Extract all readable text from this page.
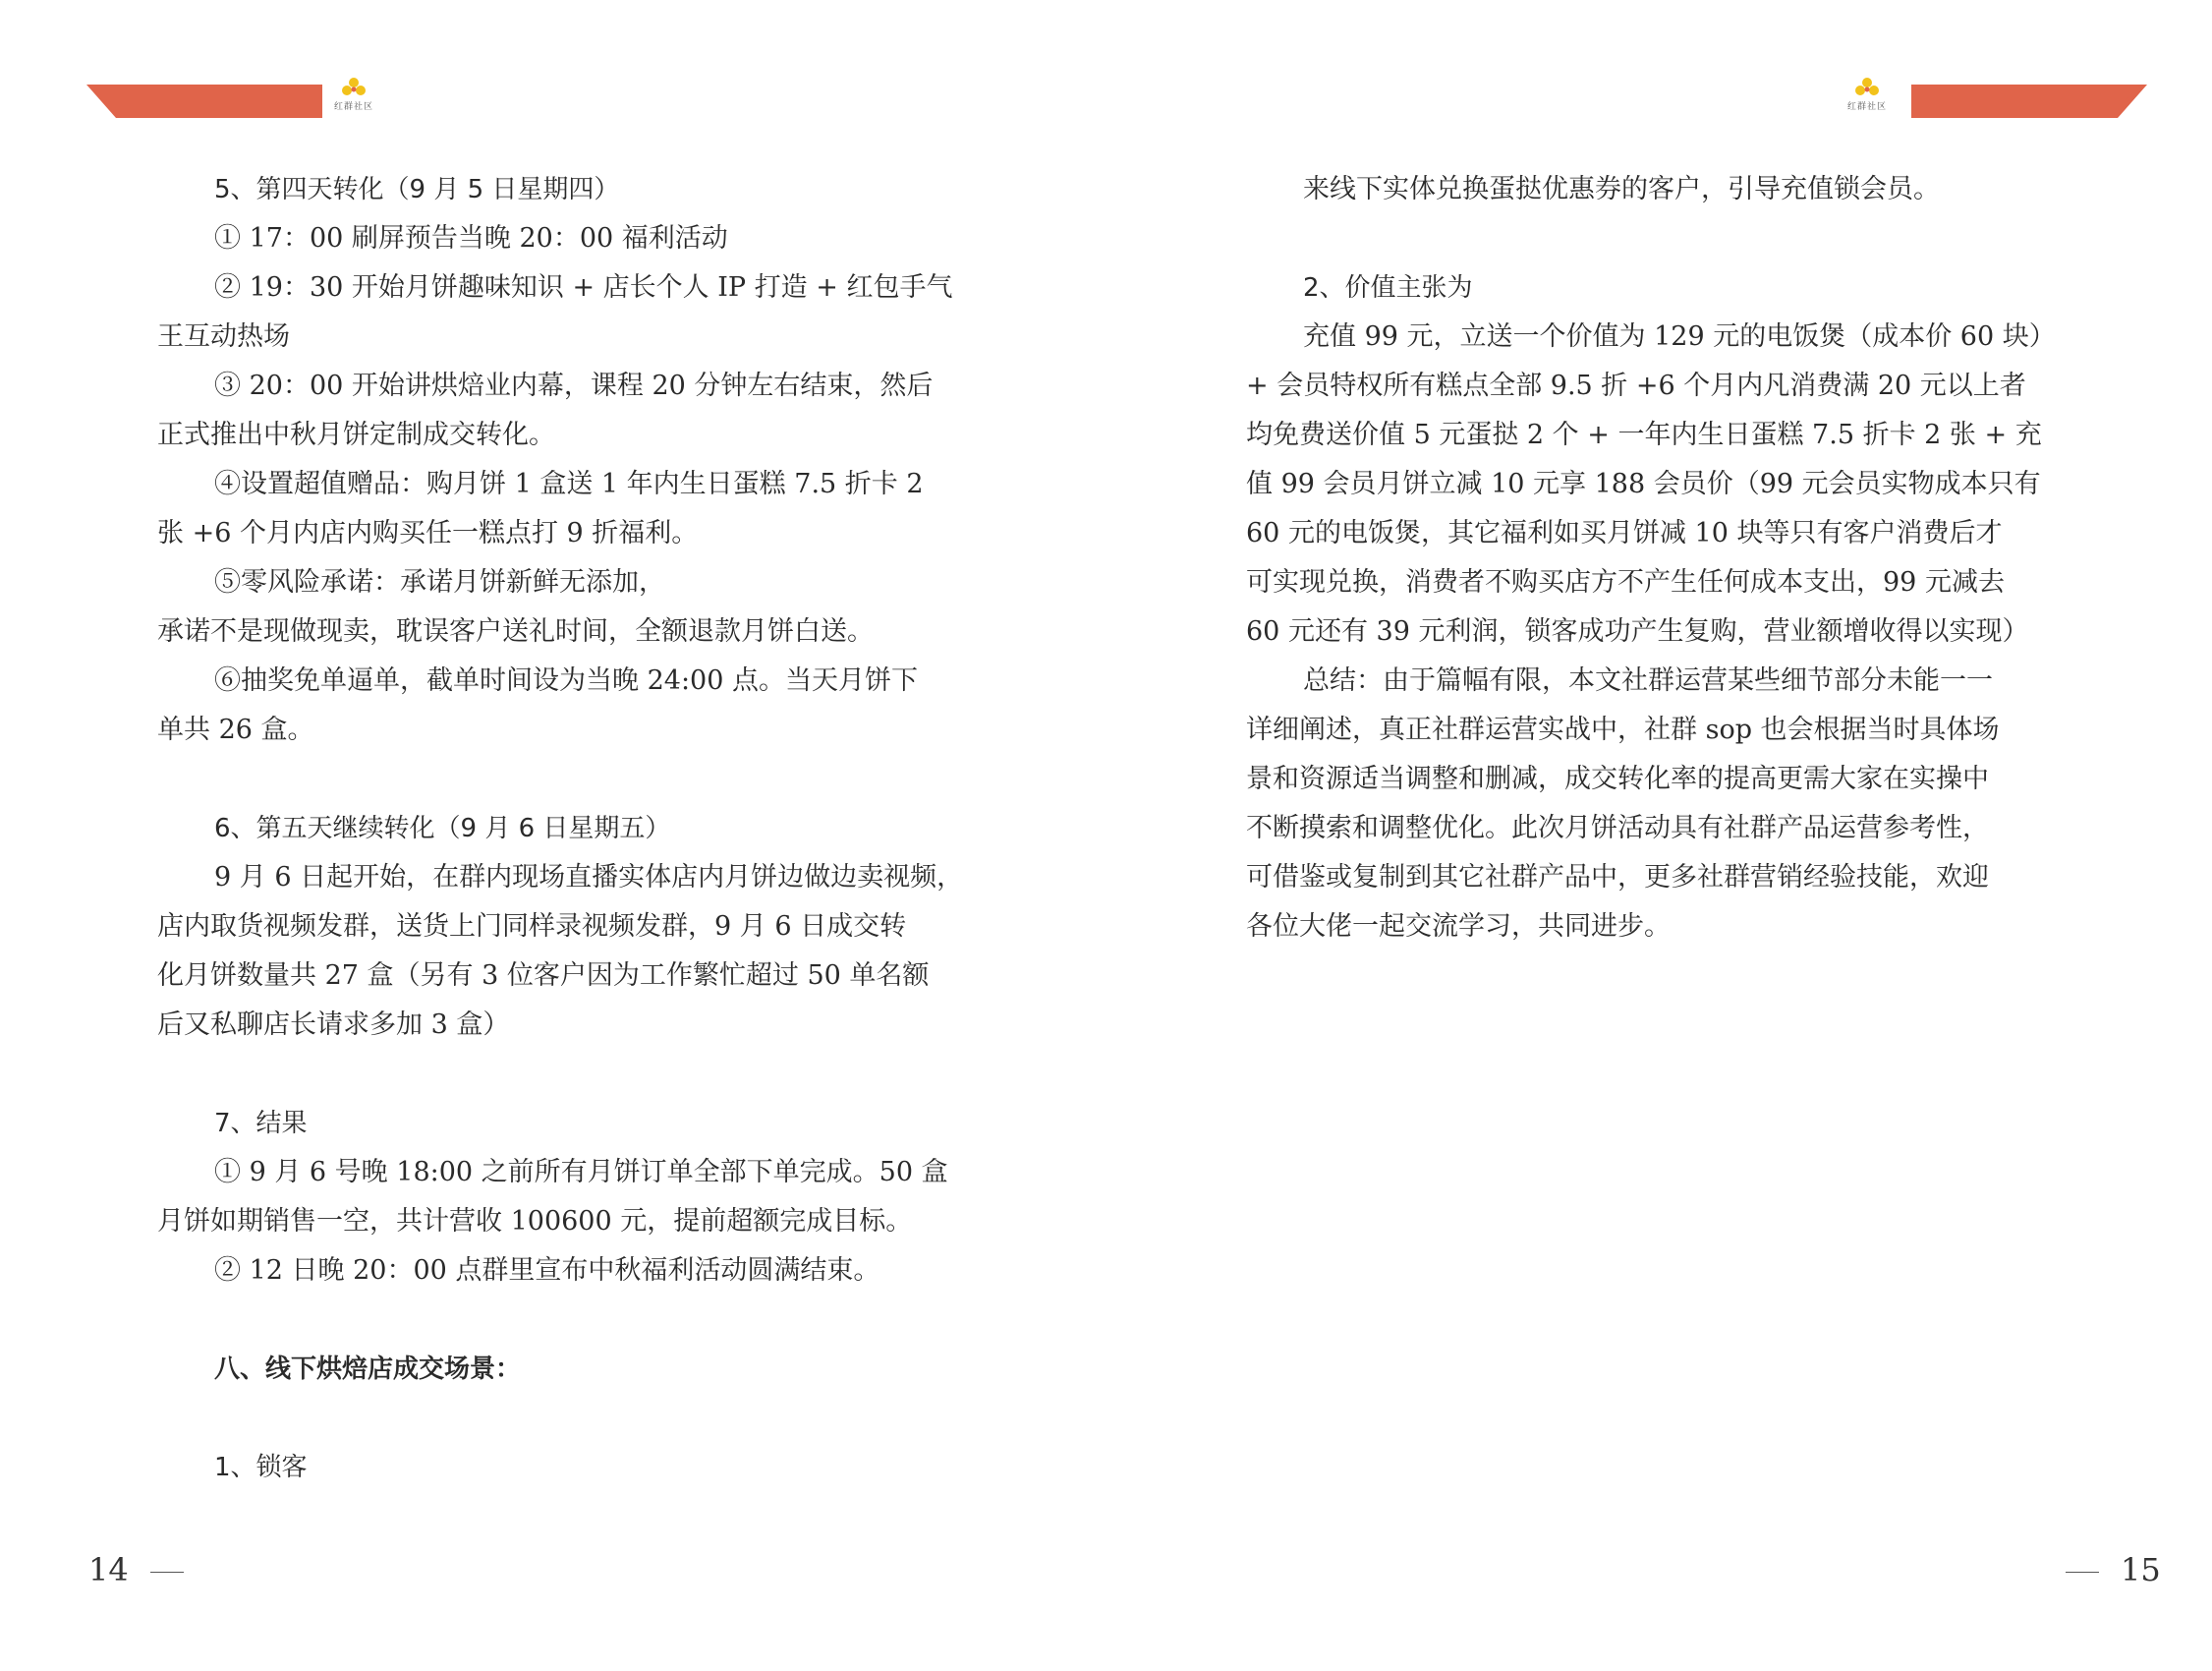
红群社区
5、第四天转化（9 月 5 日星期四）
① 17：00 刷屏预告当晚 20：00 福利活动
② 19：30 开始月饼趣味知识 + 店长个人 IP 打造 + 红包手气
王互动热场
③ 20：00 开始讲烘焙业内幕，课程 20 分钟左右结束，然后
正式推出中秋月饼定制成交转化。
④设置超值赠品：购月饼 1 盒送 1 年内生日蛋糕 7.5 折卡 2
张 +6 个月内店内购买任一糕点打 9 折福利。
⑤零风险承诺：承诺月饼新鲜无添加，
承诺不是现做现卖，耽误客户送礼时间，全额退款月饼白送。
⑥抽奖免单逼单，截单时间设为当晚 24:00 点。当天月饼下
单共 26 盒。
6、第五天继续转化（9 月 6 日星期五）
9 月 6 日起开始，在群内现场直播实体店内月饼边做边卖视频，
店内取货视频发群，送货上门同样录视频发群，9 月 6 日成交转
化月饼数量共 27 盒（另有 3 位客户因为工作繁忙超过 50 单名额
后又私聊店长请求多加 3 盒）
7、结果
① 9 月 6 号晚 18:00 之前所有月饼订单全部下单完成。50 盒
月饼如期销售一空，共计营收 100600 元，提前超额完成目标。
② 12 日晚 20：00 点群里宣布中秋福利活动圆满结束。
八、线下烘焙店成交场景：
1、锁客
14
红群社区
来线下实体兑换蛋挞优惠券的客户，引导充值锁会员。
2、价值主张为
充值 99 元，立送一个价值为 129 元的电饭煲（成本价 60 块）
+ 会员特权所有糕点全部 9.5 折 +6 个月内凡消费满 20 元以上者
均免费送价值 5 元蛋挞 2 个 + 一年内生日蛋糕 7.5 折卡 2 张 + 充
值 99 会员月饼立减 10 元享 188 会员价（99 元会员实物成本只有
60 元的电饭煲，其它福利如买月饼减 10 块等只有客户消费后才
可实现兑换，消费者不购买店方不产生任何成本支出，99 元减去
60 元还有 39 元利润，锁客成功产生复购，营业额增收得以实现）
总结：由于篇幅有限，本文社群运营某些细节部分未能一一
详细阐述，真正社群运营实战中，社群 sop 也会根据当时具体场
景和资源适当调整和删减，成交转化率的提高更需大家在实操中
不断摸索和调整优化。此次月饼活动具有社群产品运营参考性，
可借鉴或复制到其它社群产品中，更多社群营销经验技能，欢迎
各位大佬一起交流学习，共同进步。
15
